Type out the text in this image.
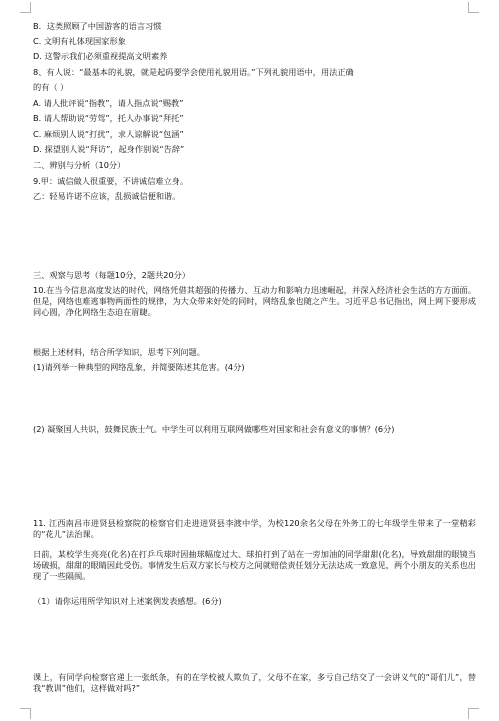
B．这类照顾了中国游客的语言习惯
C. 文明有礼体现国家形象
D. 这警示我们必须重视提高文明素养
8、有人说：“最基本的礼貌，就是起码要学会使用礼貌用语。”下列礼貌用语中，用法正确
的有（ ）
A. 请人批评说“指教”，请人指点说“赐教”
B. 请人帮助说“劳驾”，托人办事说“拜托”
C. 麻烦别人说“打扰”，求人谅解说“包涵”
D. 探望别人说“拜访”，起身作别说“告辞”
二、辨别与分析（10分）
9.甲：诚信做人很重要，不讲诚信难立身。
乙：轻易许诺不应该，乱损诚信便和谐。
三、观察与思考（每题10分，2题共20分）

10.在当今信息高度发达的时代，网络凭借其超强的传播力、互动力和影响力迅速崛起，并深入经济社会生活的方方面面。但是，网络也难逃事物两面性的规律，为大众带来好处的同时，网络乱象也随之产生。习近平总书记指出，网上网下要形成同心圆，净化网络生态迫在眉睫。

根据上述材料，结合所学知识，思考下列问题。
(1)请列举一种典型的网络乱象，并简要陈述其危害。(4分)

(2) 凝聚国人共识，鼓舞民族士气。中学生可以利用互联网做哪些对国家和社会有意义的事情？(6分)

11. 江西南昌市进贤县检察院的检察官们走进进贤县李渡中学，为校120余名父母在外务工的七年级学生带来了一堂精彩的“花儿”法治课。

日前，某校学生亮亮(化名)在打乒乓球时因抽球幅度过大、球拍打到了站在一旁加油的同学甜甜(化名)，导致甜甜的眼镜当场破损，甜甜的眼睛因此受伤。事情发生后双方家长与校方之间就赔偿责任划分无法达成一致意见，两个小朋友的关系也出现了一些隔阂。

（1）请你运用所学知识对上述案例发表感想。(6分)

课上，有同学向检察官递上一张纸条，有的在学校被人欺负了，父母不在家，多亏自己结交了一会讲义气的“哥们儿”，替我“教训”他们，这样做对吗?”
